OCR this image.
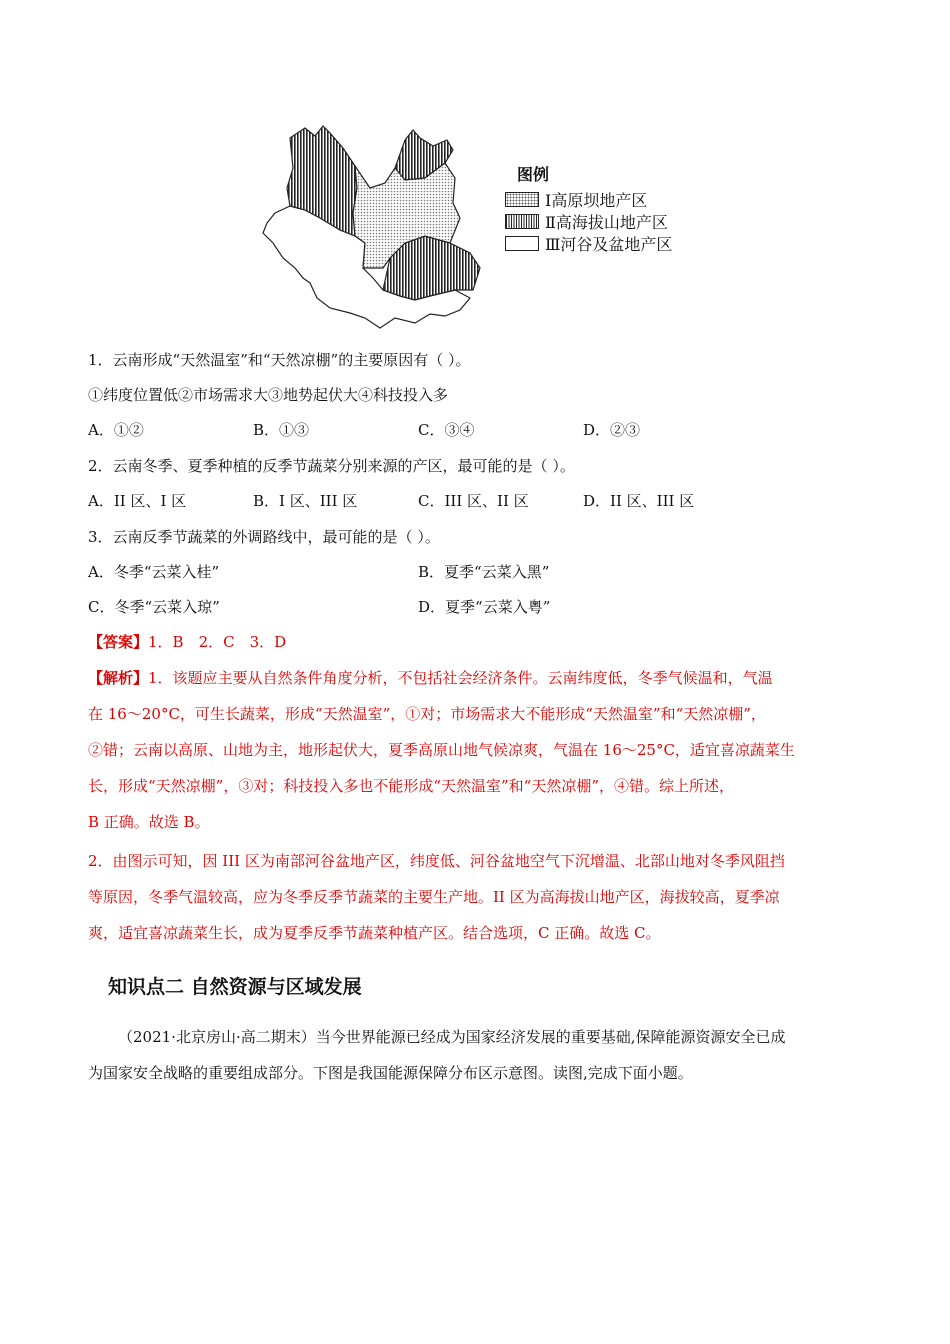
图例
Ⅰ高原坝地产区
Ⅱ高海拔山地产区
Ⅲ河谷及盆地产区
1．云南形成“天然温室”和“天然凉棚”的主要原因有（ ）。
①纬度位置低②市场需求大③地势起伏大④科技投入多
A．①②	B．①③	C．③④	D．②③
2．云南冬季、夏季种植的反季节蔬菜分别来源的产区，最可能的是（ ）。
A．II 区、I 区	B．I 区、III 区	C．III 区、II 区	D．II 区、III 区
3．云南反季节蔬菜的外调路线中，最可能的是（ ）。
A．冬季“云菜入桂”	B．夏季“云菜入黑”
C．冬季“云菜入琼”	D．夏季“云菜入粤”
【答案】1．B　2．C　3．D
【解析】1．该题应主要从自然条件角度分析，不包括社会经济条件。云南纬度低，冬季气候温和，气温
在 16～20°C，可生长蔬菜，形成“天然温室”，①对；市场需求大不能形成“天然温室”和“天然凉棚”，
②错；云南以高原、山地为主，地形起伏大，夏季高原山地气候凉爽，气温在 16～25°C，适宜喜凉蔬菜生
长，形成“天然凉棚”，③对；科技投入多也不能形成“天然温室”和“天然凉棚”，④错。综上所述，
B 正确。故选 B。
2．由图示可知，因 III 区为南部河谷盆地产区，纬度低、河谷盆地空气下沉增温、北部山地对冬季风阻挡
等原因，冬季气温较高，应为冬季反季节蔬菜的主要生产地。II 区为高海拔山地产区，海拔较高，夏季凉
爽，适宜喜凉蔬菜生长，成为夏季反季节蔬菜种植产区。结合选项，C 正确。故选 C。
知识点二 自然资源与区域发展
（2021·北京房山·高二期末）当今世界能源已经成为国家经济发展的重要基础,保障能源资源安全已成
为国家安全战略的重要组成部分。下图是我国能源保障分布区示意图。读图,完成下面小题。
